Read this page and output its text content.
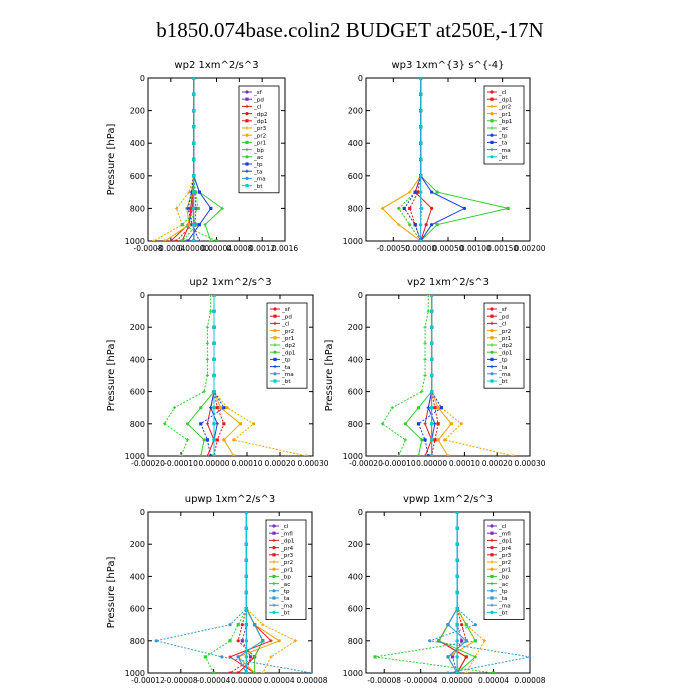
b1850.074base.colin2 BUDGET at250E,-17N
wp2 1xm^2/s^3
Pressure [hPa]
0
200
400
600
800
1000
-0.0008
-0.0004
0.00000
0.00004
0.0008
0.0012
0.0016
_sf
_pd
_cl
_dp2
_dp1
_pr3
_pr2
_pr1
_bp
_ac
_tp
_ta
_ma
_bt
wp3 1xm^{3} s^{-4}
0
200
400
600
800
1000
-0.00050
0.00000
0.00050
0.00100
0.00150
0.00200
_cl
_dp1
_pr2
_pr1
_bp1
_ac
_tp
_ta
_ma
_bt
up2 1xm^2/s^3
Pressure [hPa]
0
200
400
600
800
1000
-0.00020 -0.00010 0.00000 0.00010 0.00020 0.00030
_sf
_pd
_cl
_pr2
_pr1
_dp2
_dp1
_tp
_ta
_ma
_bt
vp2 1xm^2/s^3
Pressure [hPa]
0
200
400
600
800
1000
-0.00020 -0.00010 0.00000 0.00010 0.00020 0.00030
_sf
_pd
_cl
_pr2
_pr1
_dp2
_dp1
_tp
_ta
_ma
_bt
upwp 1xm^2/s^3
Pressure [hPa]
0
200
400
600
800
1000
-0.00012 -0.00008 -0.00004 0.00000 0.00004 0.00008
_cl
_mfl
_dp1
_pr4
_pr3
_pr2
_pr1
_bp
_ac
_tp
_ta
_ma
_bt
vpwp 1xm^2/s^3
0
200
400
600
800
1000
-0.00008 -0.00004 0.00000 0.00004 0.00008
_cl
_mfl
_dp1
_pr4
_pr3
_pr2
_pr1
_bp
_ac
_tp
_ta
_ma
_bt
